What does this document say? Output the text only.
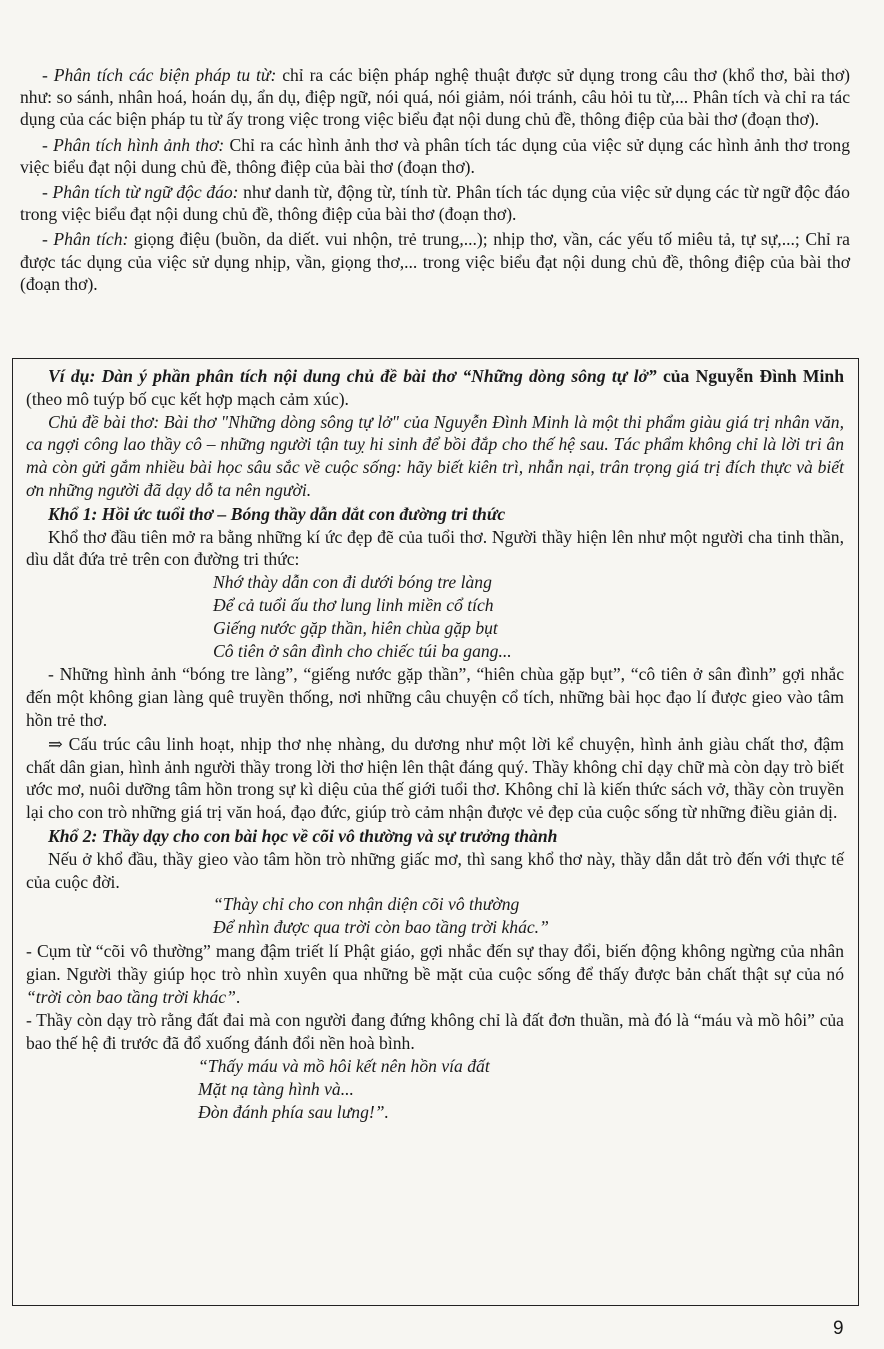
- Phân tích các biện pháp tu từ: chỉ ra các biện pháp nghệ thuật được sử dụng trong câu thơ (khổ thơ, bài thơ) như: so sánh, nhân hoá, hoán dụ, ẩn dụ, điệp ngữ, nói quá, nói giảm, nói tránh, câu hỏi tu từ,... Phân tích và chỉ ra tác dụng của các biện pháp tu từ ấy trong việc trong việc biểu đạt nội dung chủ đề, thông điệp của bài thơ (đoạn thơ).

- Phân tích hình ảnh thơ: Chỉ ra các hình ảnh thơ và phân tích tác dụng của việc sử dụng các hình ảnh thơ trong việc biểu đạt nội dung chủ đề, thông điệp của bài thơ (đoạn thơ).

- Phân tích từ ngữ độc đáo: như danh từ, động từ, tính từ. Phân tích tác dụng của việc sử dụng các từ ngữ độc đáo trong việc biểu đạt nội dung chủ đề, thông điệp của bài thơ (đoạn thơ).

- Phân tích: giọng điệu (buồn, da diết. vui nhộn, trẻ trung,...); nhịp thơ, vần, các yếu tố miêu tả, tự sự,...; Chỉ ra được tác dụng của việc sử dụng nhịp, vần, giọng thơ,... trong việc biểu đạt nội dung chủ đề, thông điệp của bài thơ (đoạn thơ).

Ví dụ: Dàn ý phần phân tích nội dung chủ đề bài thơ “Những dòng sông tự lở” của Nguyễn Đình Minh (theo mô tuýp bố cục kết hợp mạch cảm xúc).

Chủ đề bài thơ: Bài thơ "Những dòng sông tự lở" của Nguyễn Đình Minh là một thi phẩm giàu giá trị nhân văn, ca ngợi công lao thầy cô – những người tận tuỵ hi sinh để bồi đắp cho thế hệ sau. Tác phẩm không chỉ là lời tri ân mà còn gửi gắm nhiều bài học sâu sắc về cuộc sống: hãy biết kiên trì, nhẫn nại, trân trọng giá trị đích thực và biết ơn những người đã dạy dỗ ta nên người.

Khổ 1: Hồi ức tuổi thơ – Bóng thầy dẫn dắt con đường tri thức

Khổ thơ đầu tiên mở ra bằng những kí ức đẹp đẽ của tuổi thơ. Người thầy hiện lên như một người cha tinh thần, dìu dắt đứa trẻ trên con đường tri thức:

Nhớ thày dẫn con đi dưới bóng tre làng

Để cả tuổi ấu thơ lung linh miền cổ tích

Giếng nước gặp thần, hiên chùa gặp bụt

Cô tiên ở sân đình cho chiếc túi ba gang...

- Những hình ảnh “bóng tre làng”, “giếng nước gặp thần”, “hiên chùa gặp bụt”, “cô tiên ở sân đình” gợi nhắc đến một không gian làng quê truyền thống, nơi những câu chuyện cổ tích, những bài học đạo lí được gieo vào tâm hồn trẻ thơ.

⇒ Cấu trúc câu linh hoạt, nhịp thơ nhẹ nhàng, du dương như một lời kể chuyện, hình ảnh giàu chất thơ, đậm chất dân gian, hình ảnh người thầy trong lời thơ hiện lên thật đáng quý. Thầy không chỉ dạy chữ mà còn dạy trò biết ước mơ, nuôi dưỡng tâm hồn trong sự kì diệu của thế giới tuổi thơ. Không chỉ là kiến thức sách vở, thầy còn truyền lại cho con trò những giá trị văn hoá, đạo đức, giúp trò cảm nhận được vẻ đẹp của cuộc sống từ những điều giản dị.

Khổ 2: Thầy dạy cho con bài học về cõi vô thường và sự trưởng thành

Nếu ở khổ đầu, thầy gieo vào tâm hồn trò những giấc mơ, thì sang khổ thơ này, thầy dẫn dắt trò đến với thực tế của cuộc đời.

“Thày chỉ cho con nhận diện cõi vô thường

Để nhìn được qua trời còn bao tầng trời khác.”

- Cụm từ “cõi vô thường” mang đậm triết lí Phật giáo, gợi nhắc đến sự thay đổi, biến động không ngừng của nhân gian. Người thầy giúp học trò nhìn xuyên qua những bề mặt của cuộc sống để thấy được bản chất thật sự của nó “trời còn bao tầng trời khác”.

- Thầy còn dạy trò rằng đất đai mà con người đang đứng không chỉ là đất đơn thuần, mà đó là “máu và mồ hôi” của bao thế hệ đi trước đã đổ xuống đánh đổi nền hoà bình.

“Thấy máu và mồ hôi kết nên hồn vía đất

Mặt nạ tàng hình và...

Đòn đánh phía sau lưng!”.

9
